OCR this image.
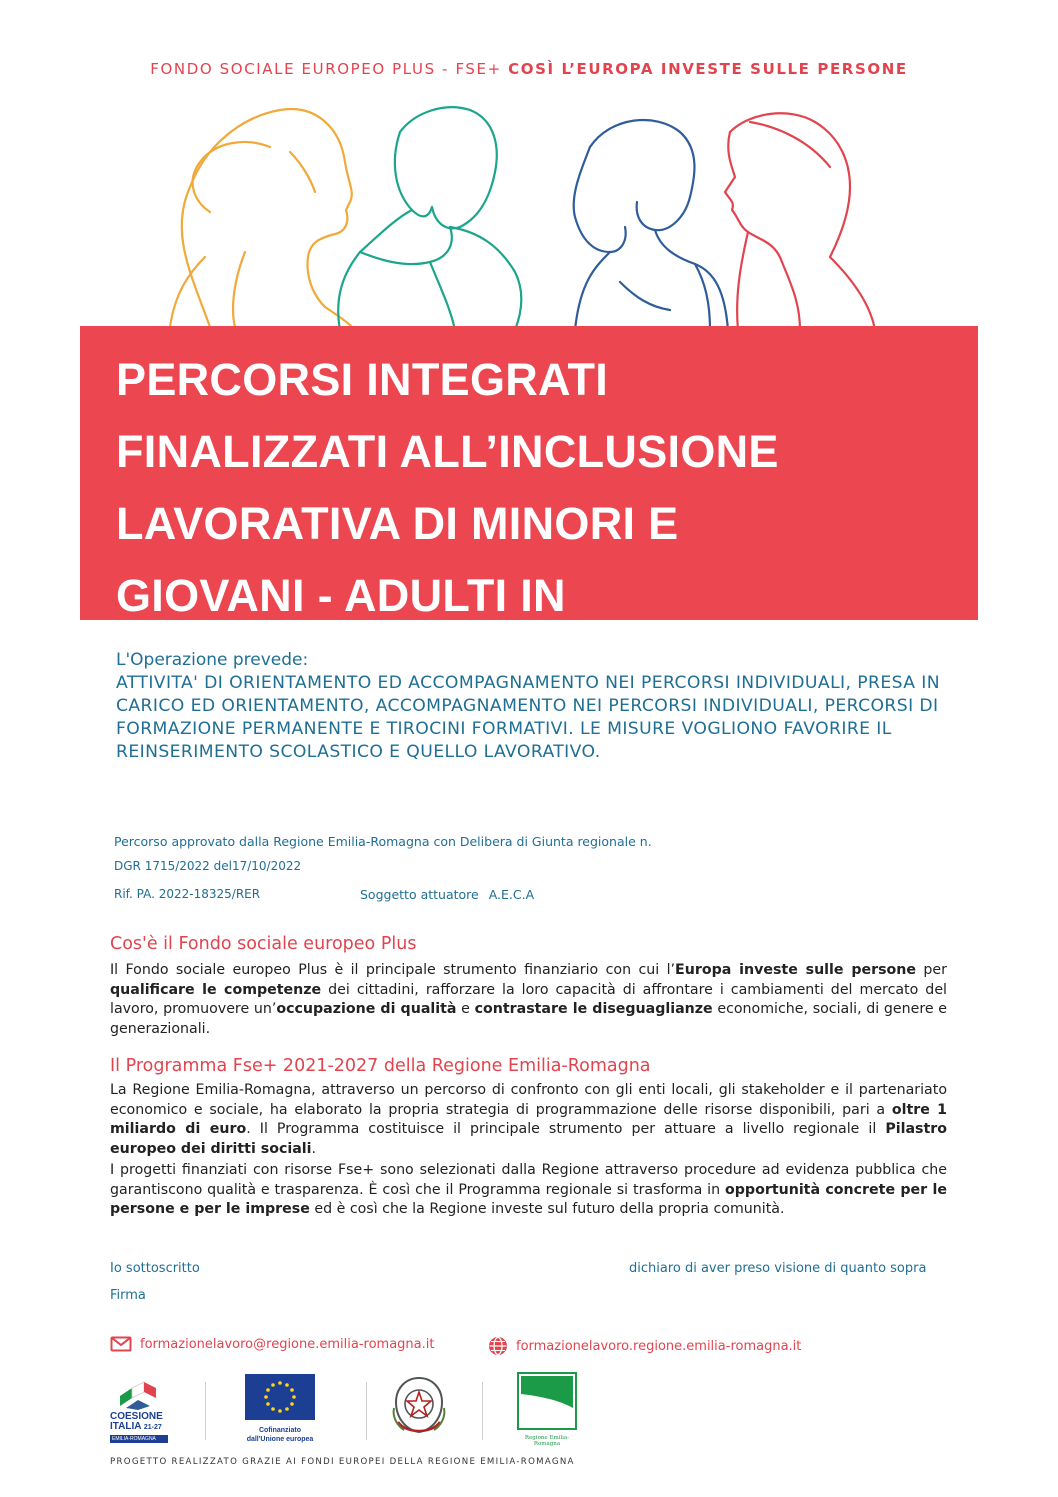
FONDO SOCIALE EUROPEO PLUS - FSE+ COSÌ L’EUROPA INVESTE SULLE PERSONE
PERCORSI INTEGRATI
FINALIZZATI ALL’INCLUSIONE
LAVORATIVA DI MINORI E
GIOVANI - ADULTI IN
L'Operazione prevede:
ATTIVITA' DI ORIENTAMENTO ED ACCOMPAGNAMENTO NEI PERCORSI INDIVIDUALI, PRESA IN CARICO ED ORIENTAMENTO, ACCOMPAGNAMENTO NEI PERCORSI INDIVIDUALI, PERCORSI DI FORMAZIONE PERMANENTE E TIROCINI FORMATIVI. LE MISURE VOGLIONO FAVORIRE IL REINSERIMENTO SCOLASTICO E QUELLO LAVORATIVO.
Percorso approvato dalla Regione Emilia-Romagna con Delibera di Giunta regionale n.
DGR 1715/2022 del17/10/2022
Rif. PA. 2022-18325/RER	Soggetto attuatore A.E.C.A
Cos'è il Fondo sociale europeo Plus

Il Fondo sociale europeo Plus è il principale strumento finanziario con cui l’Europa investe sulle persone per qualificare le competenze dei cittadini, rafforzare la loro capacità di affrontare i cambiamenti del mercato del lavoro, promuovere un’occupazione di qualità e contrastare le diseguaglianze economiche, sociali, di genere e generazionali.

Il Programma Fse+ 2021-2027 della Regione Emilia-Romagna

La Regione Emilia-Romagna, attraverso un percorso di confronto con gli enti locali, gli stakeholder e il partenariato economico e sociale, ha elaborato la propria strategia di programmazione delle risorse disponibili, pari a oltre 1 miliardo di euro. Il Programma costituisce il principale strumento per attuare a livello regionale il Pilastro europeo dei diritti sociali.

I progetti finanziati con risorse Fse+ sono selezionati dalla Regione attraverso procedure ad evidenza pubblica che garantiscono qualità e trasparenza. È così che il Programma regionale si trasforma in opportunità concrete per le persone e per le imprese ed è così che la Regione investe sul futuro della propria comunità.

Io sottoscritto	dichiaro di aver preso visione di quanto sopra
Firma
formazionelavoro@regione.emilia-romagna.it	formazionelavoro.regione.emilia-romagna.it
COESIONE
ITALIA 21-27
EMILIA-ROMAGNA
Cofinanziato
dall'Unione europea	Regione Emilia-Romagna
PROGETTO REALIZZATO GRAZIE AI FONDI EUROPEI DELLA REGIONE EMILIA-ROMAGNA
